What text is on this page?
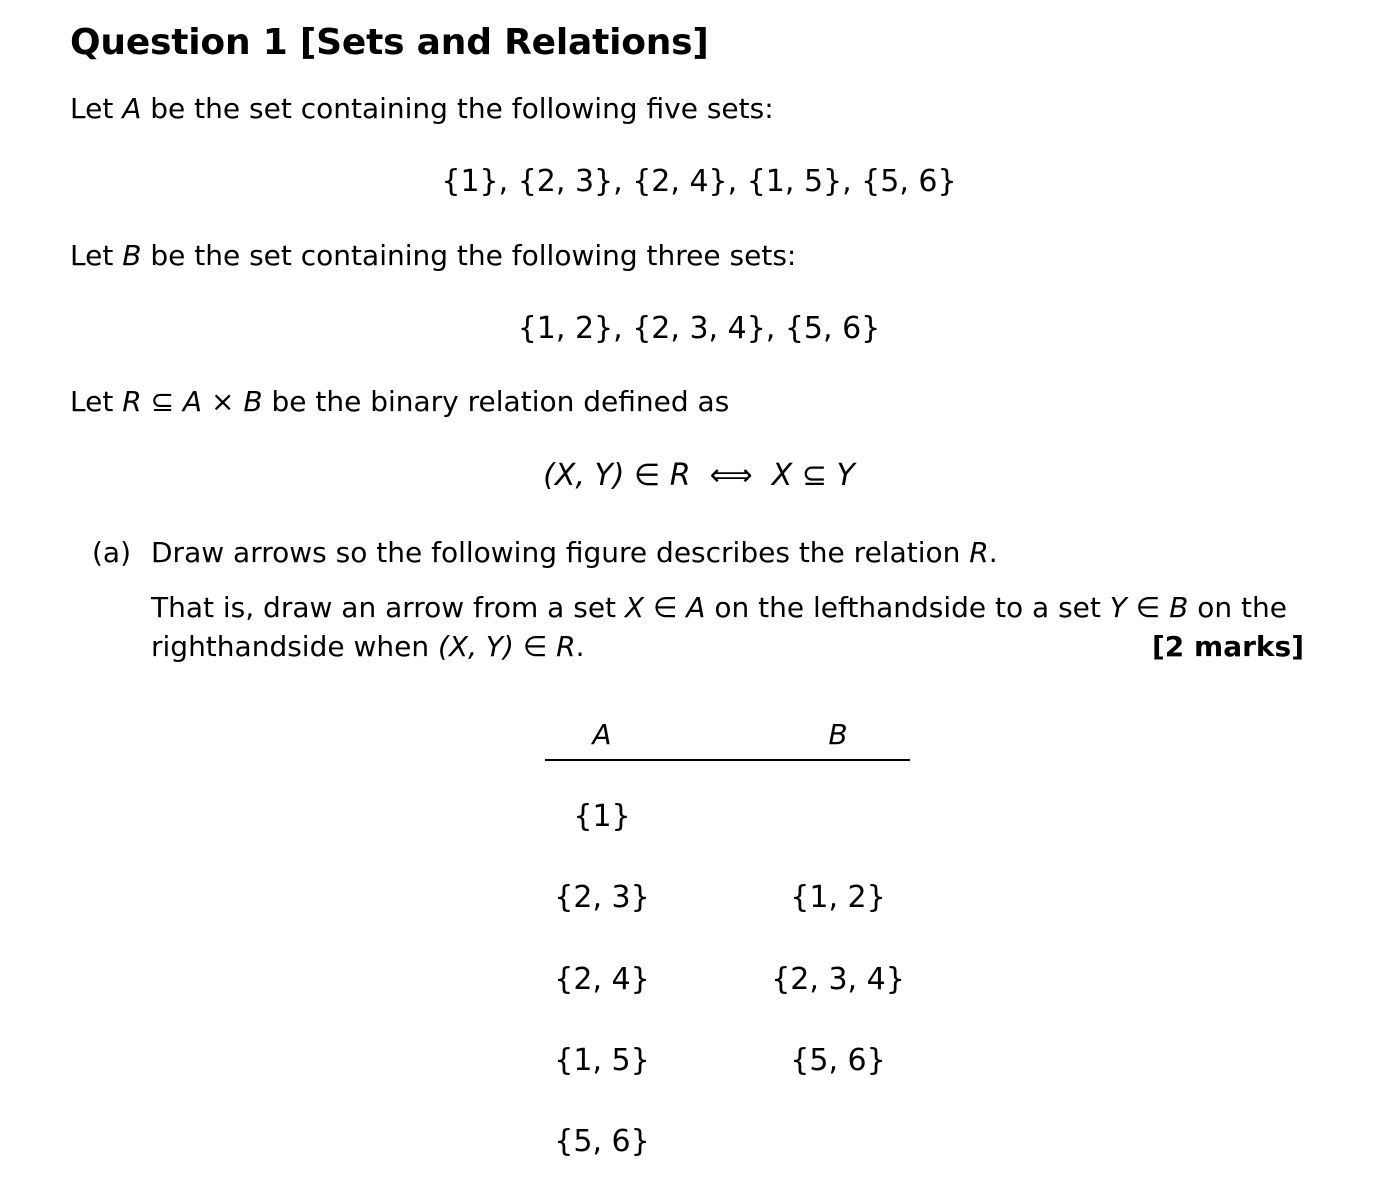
Question 1 [Sets and Relations]
Let A be the set containing the following five sets:
{1}, {2, 3}, {2, 4}, {1, 5}, {5, 6}
Let B be the set containing the following three sets:
{1, 2}, {2, 3, 4}, {5, 6}
Let R ⊆ A × B be the binary relation defined as
(X, Y) ∈ R ⟺ X ⊆ Y
(a) Draw arrows so the following figure describes the relation R.
That is, draw an arrow from a set X ∈ A on the lefthandside to a set Y ∈ B on the
righthandside when (X, Y) ∈ R.	[2 marks]
A	B
{1}
{2, 3}
{2, 4}
{1, 5}
{5, 6}
{1, 2}
{2, 3, 4}
{5, 6}
